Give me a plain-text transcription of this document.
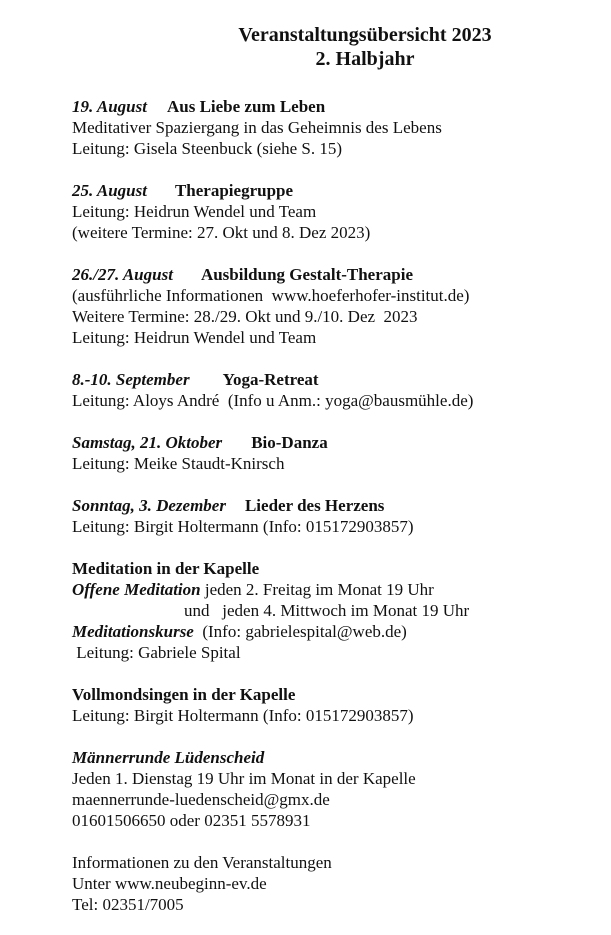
Veranstaltungsübersicht 2023
2. Halbjahr
19. August Aus Liebe zum Leben
Meditativer Spaziergang in das Geheimnis des Lebens
Leitung: Gisela Steenbuck (siehe S. 15)
25. August Therapiegruppe
Leitung: Heidrun Wendel und Team
(weitere Termine: 27. Okt und 8. Dez 2023)
26./27. August Ausbildung Gestalt-Therapie
(ausführliche Informationen  www.hoeferhofer-institut.de)
Weitere Termine: 28./29. Okt und 9./10. Dez  2023
Leitung: Heidrun Wendel und Team
8.-10. September Yoga-Retreat
Leitung: Aloys André  (Info u Anm.: yoga@bausmühle.de)
Samstag, 21. Oktober Bio-Danza
Leitung: Meike Staudt-Knirsch
Sonntag, 3. Dezember Lieder des Herzens
Leitung: Birgit Holtermann (Info: 015172903857)
Meditation in der Kapelle
Offene Meditation jeden 2. Freitag im Monat 19 Uhr
und   jeden 4. Mittwoch im Monat 19 Uhr
Meditationskurse  (Info: gabrielespital@web.de)
Leitung: Gabriele Spital
Vollmondsingen in der Kapelle
Leitung: Birgit Holtermann (Info: 015172903857)
Männerrunde Lüdenscheid
Jeden 1. Dienstag 19 Uhr im Monat in der Kapelle
maennerrunde-luedenscheid@gmx.de
01601506650 oder 02351 5578931
Informationen zu den Veranstaltungen
Unter www.neubeginn-ev.de
Tel: 02351/7005
